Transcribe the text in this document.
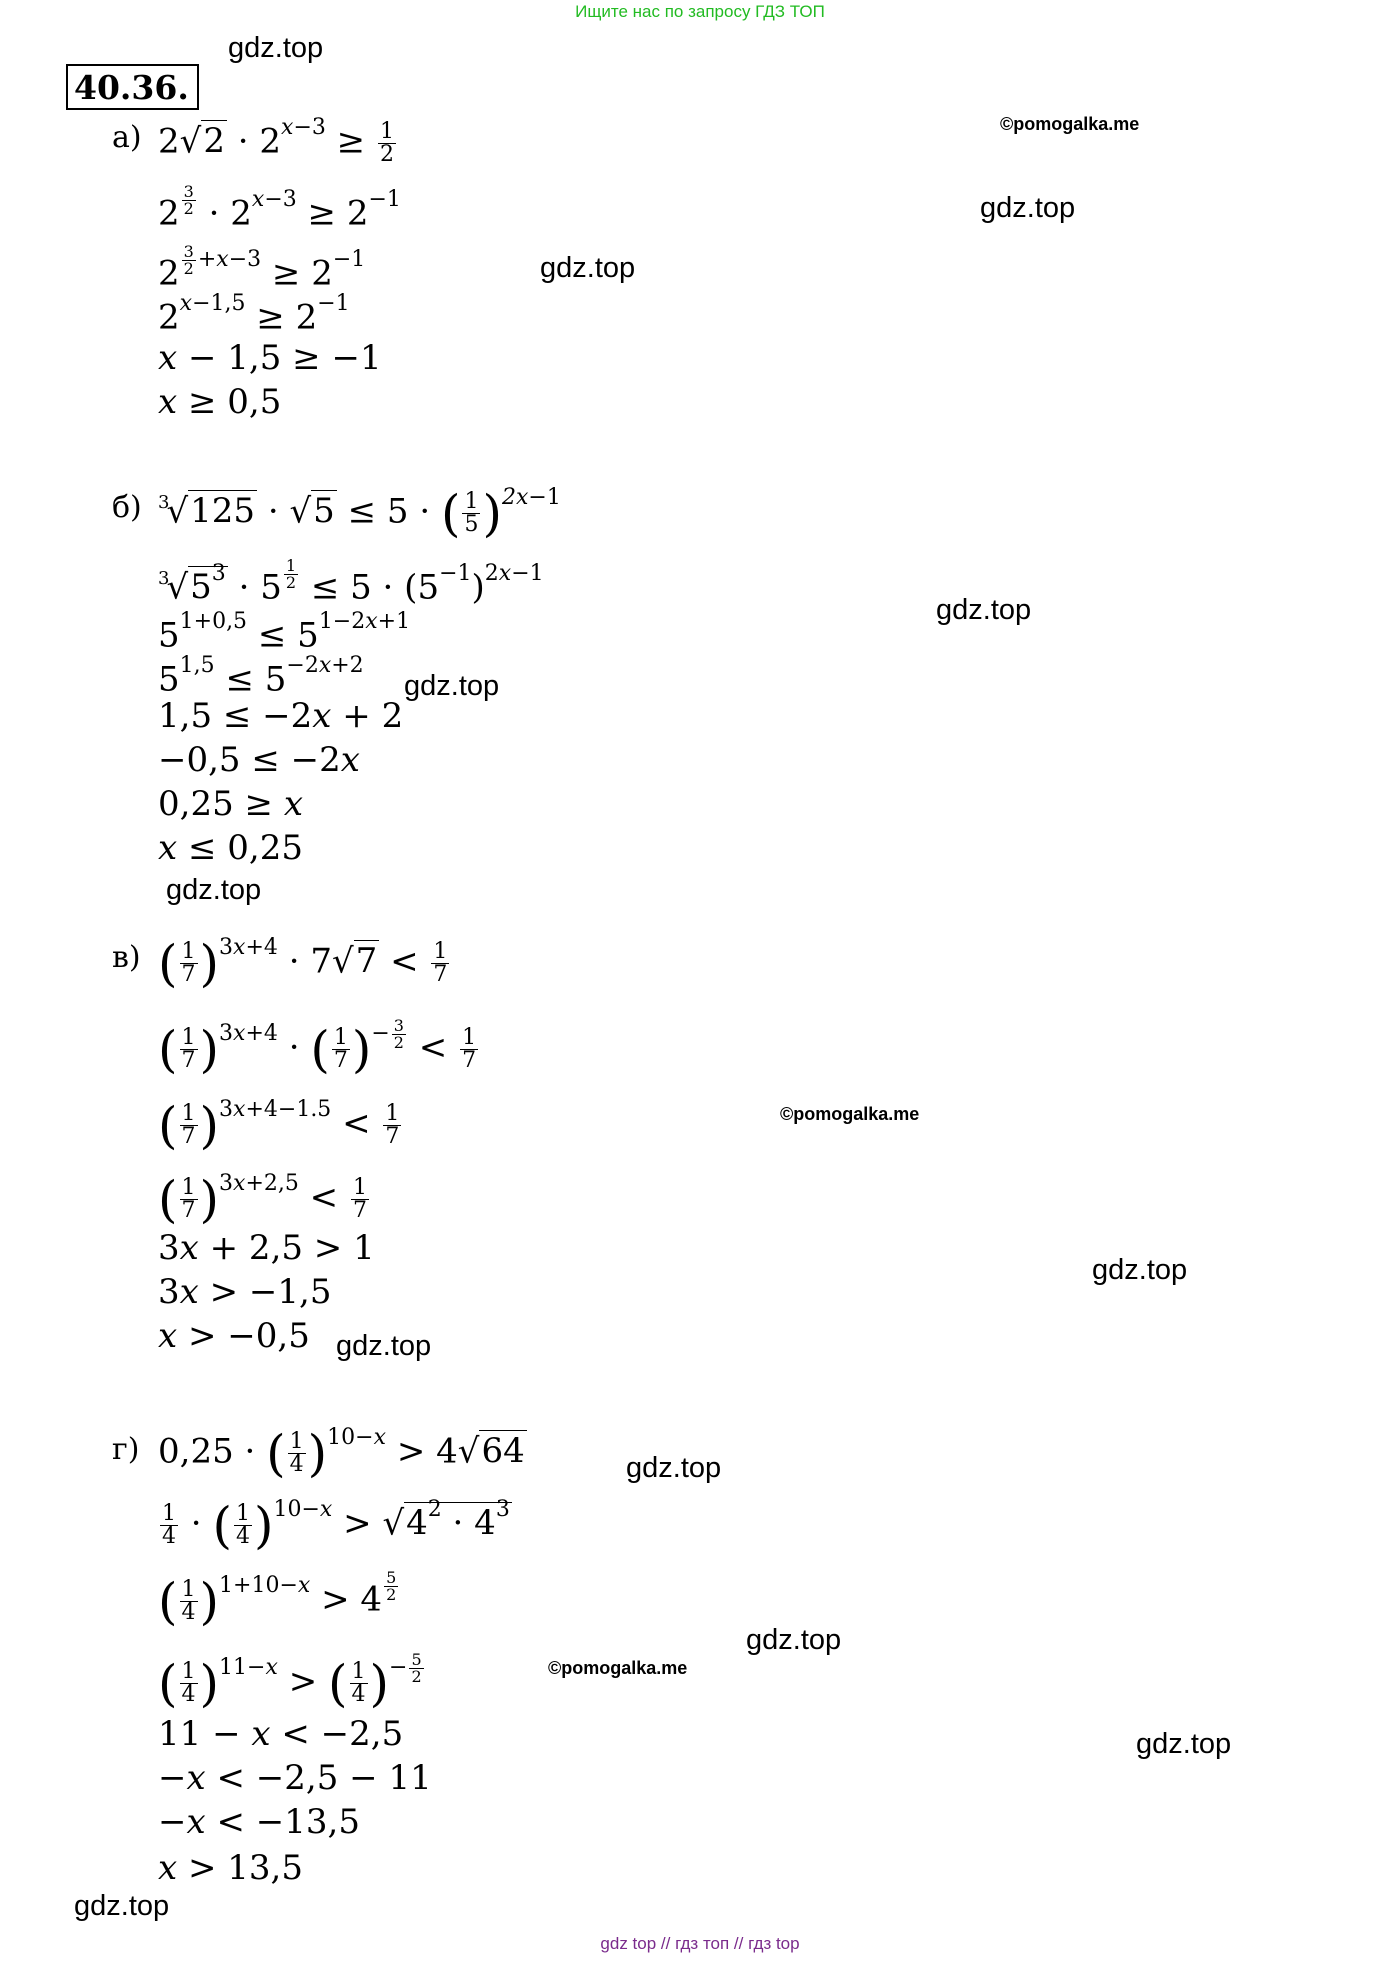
Ищите нас по запросу ГДЗ ТОП
gdz.top
©pomogalka.me
gdz.top
gdz.top
gdz.top
gdz.top
gdz.top
©pomogalka.me
gdz.top
gdz.top
gdz.top
gdz.top
©pomogalka.me
gdz.top
gdz.top
40.36.
а) $2√2 \cdot 2^{x-3} \ge \frac{1}{2}$
2 $^{\frac{3}{2}} \cdot 2^{x-3} \ge 2^{-1}$
2 $^{\frac{3}{2} +x-3} \ge 2^{-1}$
$2^{x-1,5} \ge 2^{-1}$
x − 1,5 ≥ −1
x ≥ 0,5
б) $^3$√125 · √5 ≤ 5 · ( $\frac{1}{5} )^{2x-1}$
$^3√5^3 \cdot 5$ $^{\frac{1}{2}} \le 5 \cdot (5^{-1})^{2x-1}$
$5^{1+0,5} \le 5^{1-2x+1}$
$5^{1,5} \le 5^{-2x+2}$
1,5 ≤ −2x + 2
−0,5 ≤ −2x
0,25 ≥ x
x ≤ 0,25
в) ( $\frac{1}{7} )^{3x+4} \cdot 7√7 < \frac{1}{7}$
( $\frac{1}{7} )^{3x+4}$ · ( $\frac{1}{7} )^{- \frac{3}{2}} < \frac{1}{7}$
( $\frac{1}{7} )^{3x+4-1.5} < \frac{1}{7}$
( $\frac{1}{7} )^{3x+2,5} < \frac{1}{7}$
3x + 2,5 > 1
3x > −1,5
x > −0,5
г) 0,25 · ( $\frac{1}{4} )^{10-x} > 4√64$
$\frac{1}{4}$ · ( $\frac{1}{4} )^{10-x} > √4^2 \cdot 4^3$
( $\frac{1}{4} )^{1+10-x} > 4$ $^{\frac{5}{2}}$
( $\frac{1}{4} )^{11-x}$ > ( $\frac{1}{4} )^{- \frac{5}{2}}$
11 − x < −2,5
−x < −2,5 − 11
−x < −13,5
x > 13,5
gdz top // гдз топ // гдз top
